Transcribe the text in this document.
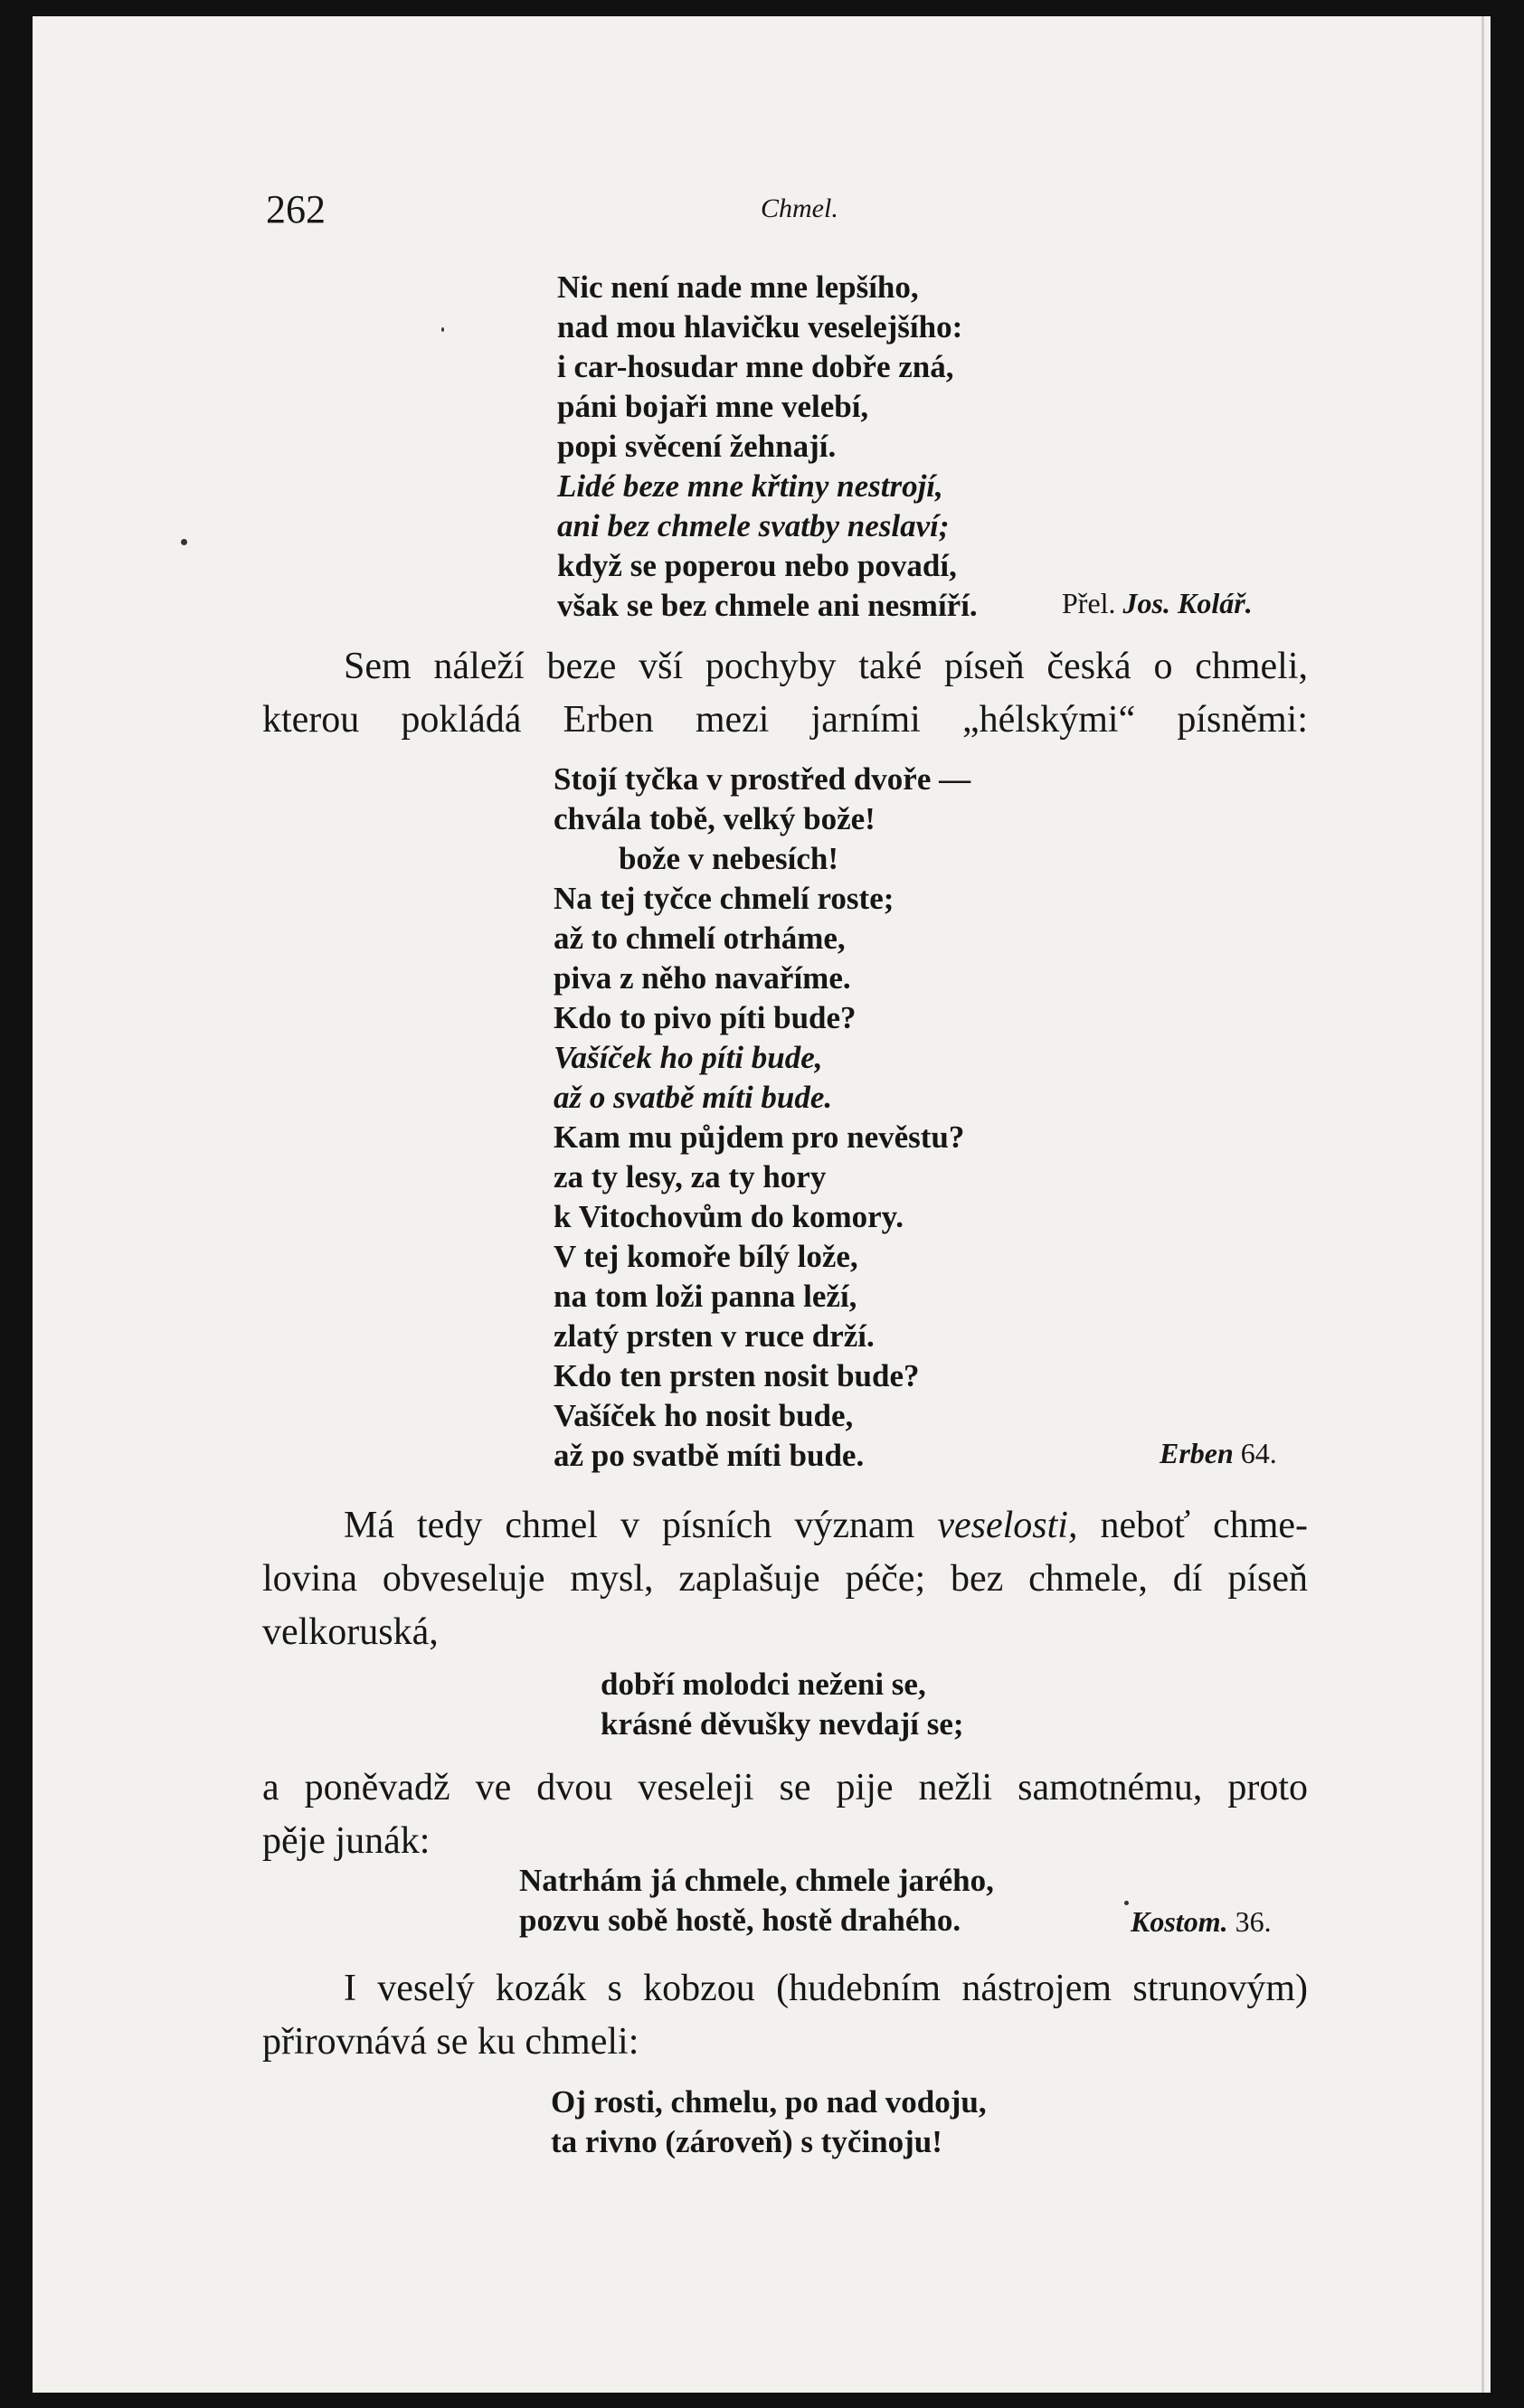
262	Chmel.
Nic není nade mne lepšího,
nad mou hlavičku veselejšího:
i car-hosudar mne dobře zná,
páni bojaři mne velebí,
popi svěcení žehnají.
Lidé beze mne křtiny nestrojí,
ani bez chmele svatby neslaví;
když se poperou nebo povadí,
však se bez chmele ani nesmíří.	Přel. Jos. Kolář.
Sem náleží beze vší pochyby také píseň česká o chmeli,
kterou pokládá Erben mezi jarními „hélskými“ písněmi:
Stojí tyčka v prostřed dvoře —
chvála tobě, velký bože!
bože v nebesích!
Na tej tyčce chmelí roste;
až to chmelí otrháme,
piva z něho navaříme.
Kdo to pivo píti bude?
Vašíček ho píti bude,
až o svatbě míti bude.
Kam mu půjdem pro nevěstu?
za ty lesy, za ty hory
k Vitochovům do komory.
V tej komoře bílý lože,
na tom loži panna leží,
zlatý prsten v ruce drží.
Kdo ten prsten nosit bude?
Vašíček ho nosit bude,
až po svatbě míti bude.	Erben 64.
Má tedy chmel v písních význam veselosti, neboť chme-
lovina obveseluje mysl, zaplašuje péče; bez chmele, dí píseň
velkoruská,
dobří molodci neženi se,
krásné děvušky nevdají se;
a poněvadž ve dvou veseleji se pije nežli samotnému, proto
pěje junák:
Natrhám já chmele, chmele jarého,
pozvu sobě hostě, hostě drahého.	Kostom. 36.
I veselý kozák s kobzou (hudebním nástrojem strunovým)
přirovnává se ku chmeli:
Oj rosti, chmelu, po nad vodoju,
ta rivno (zároveň) s tyčinoju!
